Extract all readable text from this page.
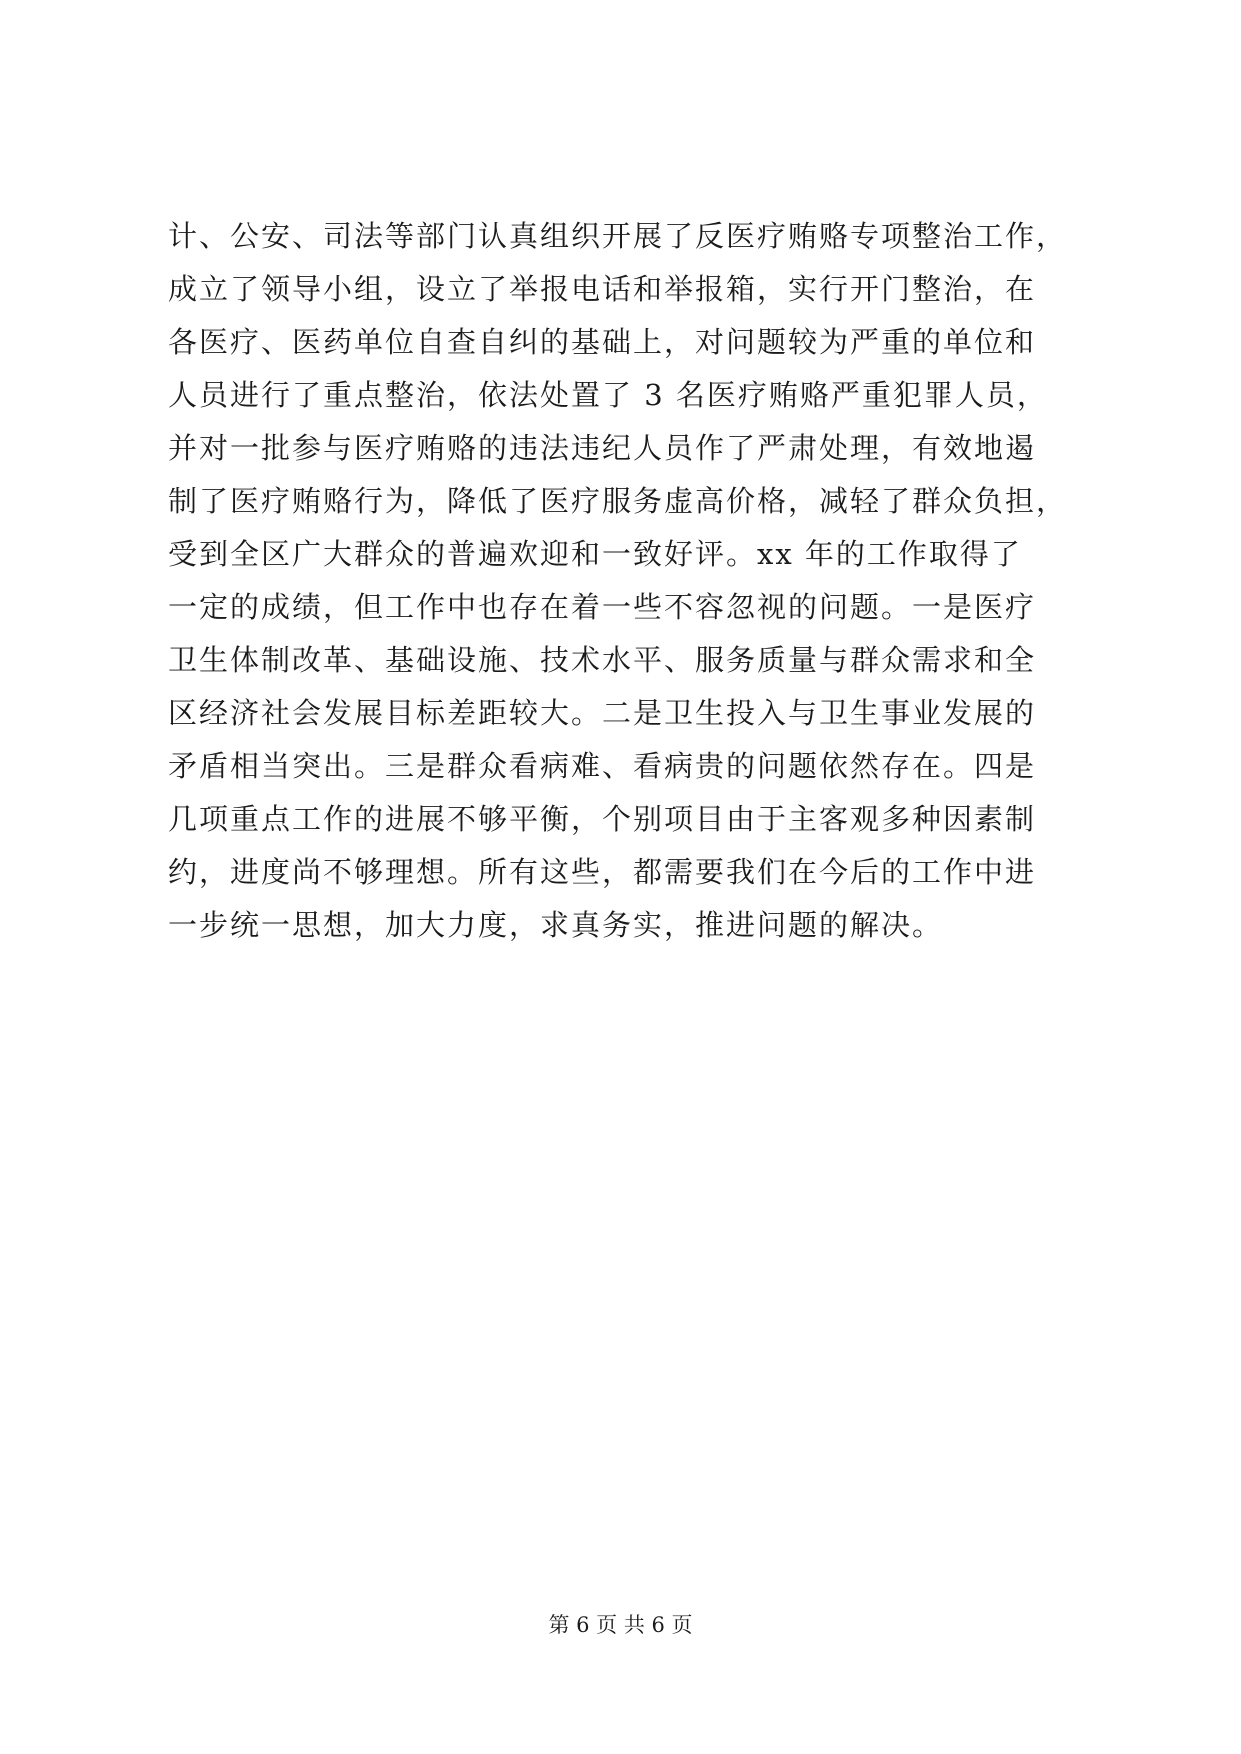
计、公安、司法等部门认真组织开展了反医疗贿赂专项整治工作，
成立了领导小组，设立了举报电话和举报箱，实行开门整治，在
各医疗、医药单位自查自纠的基础上，对问题较为严重的单位和
人员进行了重点整治，依法处置了 3 名医疗贿赂严重犯罪人员，
并对一批参与医疗贿赂的违法违纪人员作了严肃处理，有效地遏
制了医疗贿赂行为，降低了医疗服务虚高价格，减轻了群众负担，
受到全区广大群众的普遍欢迎和一致好评。xx 年的工作取得了
一定的成绩，但工作中也存在着一些不容忽视的问题。一是医疗
卫生体制改革、基础设施、技术水平、服务质量与群众需求和全
区经济社会发展目标差距较大。二是卫生投入与卫生事业发展的
矛盾相当突出。三是群众看病难、看病贵的问题依然存在。四是
几项重点工作的进展不够平衡，个别项目由于主客观多种因素制
约，进度尚不够理想。所有这些，都需要我们在今后的工作中进
一步统一思想，加大力度，求真务实，推进问题的解决。
第 6 页 共 6 页
